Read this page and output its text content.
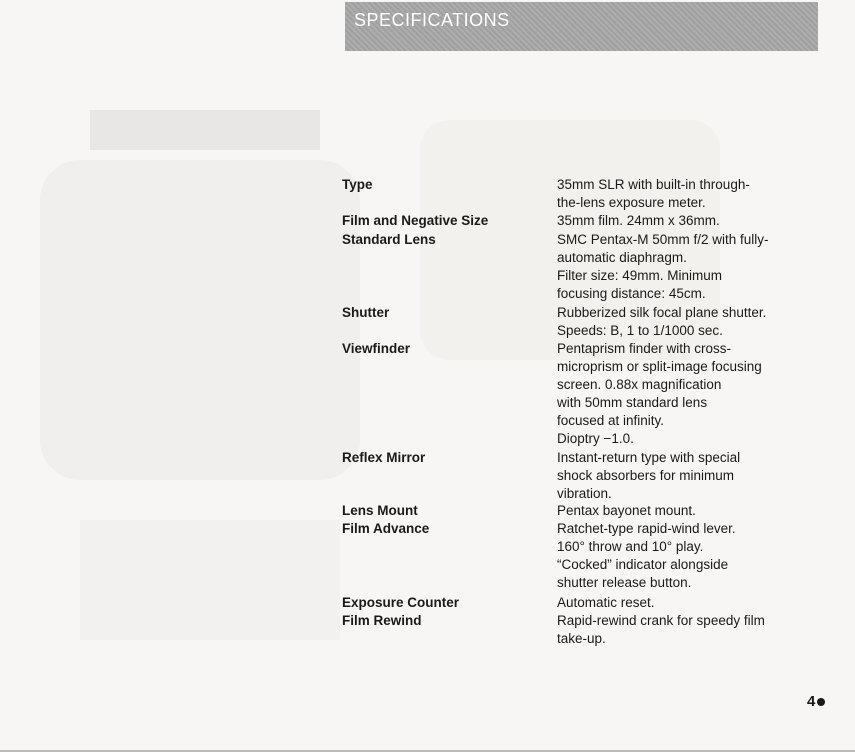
SPECIFICATIONS
Type	35mm SLR with built-in through-
the-lens exposure meter.
Film and Negative Size	35mm film. 24mm x 36mm.
Standard Lens	SMC Pentax-M 50mm f/2 with fully-
automatic diaphragm.
Filter size: 49mm. Minimum
focusing distance: 45cm.
Shutter	Rubberized silk focal plane shutter.
Speeds: B, 1 to 1/1000 sec.
Viewfinder	Pentaprism finder with cross-
microprism or split-image focusing
screen. 0.88x magnification
with 50mm standard lens
focused at infinity.
Dioptry −1.0.
Reflex Mirror	Instant-return type with special
shock absorbers for minimum
vibration.
Lens Mount	Pentax bayonet mount.
Film Advance	Ratchet-type rapid-wind lever.
160° throw and 10° play.
“Cocked” indicator alongside
shutter release button.
Exposure Counter	Automatic reset.
Film Rewind	Rapid-rewind crank for speedy film
take-up.
4
